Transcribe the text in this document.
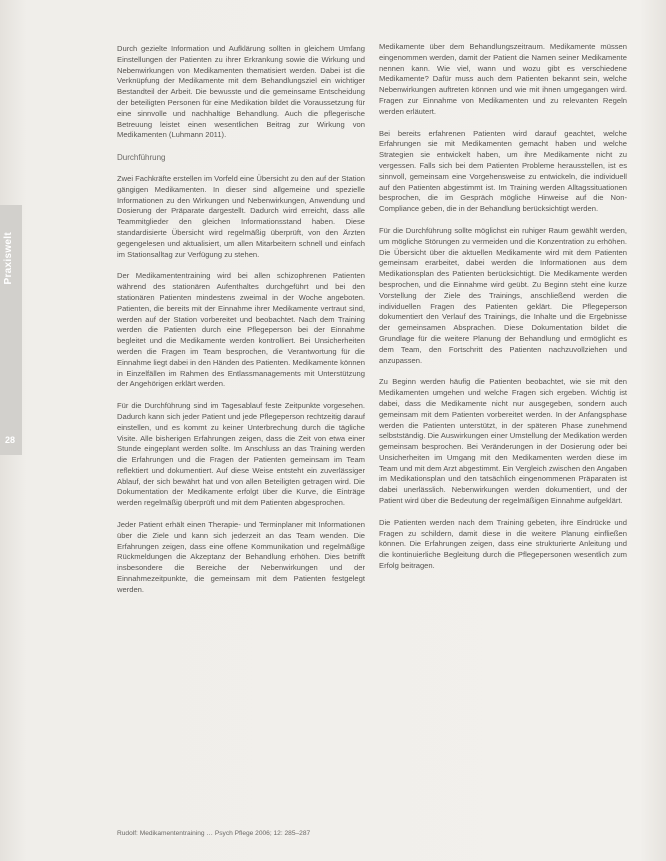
Praxiswelt
28

Durch gezielte Information und Aufklärung sollten in gleichem Umfang Einstellungen der Patienten zu ihrer Erkrankung sowie die Wirkung und Nebenwirkungen von Medikamenten thematisiert werden. Dabei ist die Verknüpfung der Medikamente mit dem Behandlungsziel ein wichtiger Bestandteil der Arbeit. Die bewusste und die gemeinsame Entscheidung der beteiligten Personen für eine Medikation bildet die Voraussetzung für eine sinnvolle und nachhaltige Behandlung. Auch die pflegerische Betreuung leistet einen wesentlichen Beitrag zur Wirkung von Medikamenten (Luhmann 2011).

Durchführung

Zwei Fachkräfte erstellen im Vorfeld eine Übersicht zu den auf der Station gängigen Medikamenten. In dieser sind allgemeine und spezielle Informationen zu den Wirkungen und Nebenwirkungen, Anwendung und Dosierung der Präparate dargestellt. Dadurch wird erreicht, dass alle Teammitglieder den gleichen Informationsstand haben. Diese standardisierte Übersicht wird regelmäßig überprüft, von den Ärzten gegengelesen und aktualisiert, um allen Mitarbeitern schnell und einfach im Stationsalltag zur Verfügung zu stehen.

Der Medikamententraining wird bei allen schizophrenen Patienten während des stationären Aufenthaltes durchgeführt und bei den stationären Patienten mindestens zweimal in der Woche angeboten. Patienten, die bereits mit der Einnahme ihrer Medikamente vertraut sind, werden auf der Station vorbereitet und beobachtet. Nach dem Training werden die Patienten durch eine Pflegeperson bei der Einnahme begleitet und die Medikamente werden kontrolliert. Bei Unsicherheiten werden die Fragen im Team besprochen, die Verantwortung für die Einnahme liegt dabei in den Händen des Patienten. Medikamente können in Einzelfällen im Rahmen des Entlassmanagements mit Unterstützung der Angehörigen erklärt werden.

Für die Durchführung sind im Tagesablauf feste Zeitpunkte vorgesehen. Dadurch kann sich jeder Patient und jede Pflegeperson rechtzeitig darauf einstellen, und es kommt zu keiner Unterbrechung durch die tägliche Visite. Alle bisherigen Erfahrungen zeigen, dass die Zeit von etwa einer Stunde eingeplant werden sollte. Im Anschluss an das Training werden die Erfahrungen und die Fragen der Patienten gemeinsam im Team reflektiert und dokumentiert. Auf diese Weise entsteht ein zuverlässiger Ablauf, der sich bewährt hat und von allen Beteiligten getragen wird. Die Dokumentation der Medikamente erfolgt über die Kurve, die Einträge werden regelmäßig überprüft und mit dem Patienten abgesprochen.

Jeder Patient erhält einen Therapie- und Terminplaner mit Informationen über die Ziele und kann sich jederzeit an das Team wenden. Die Erfahrungen zeigen, dass eine offene Kommunikation und regelmäßige Rückmeldungen die Akzeptanz der Behandlung erhöhen. Dies betrifft insbesondere die Bereiche der Nebenwirkungen und der Einnahmezeitpunkte, die gemeinsam mit dem Patienten festgelegt werden.

Medikamente über dem Behandlungszeitraum. Medikamente müssen eingenommen werden, damit der Patient die Namen seiner Medikamente nennen kann. Wie viel, wann und wozu gibt es verschiedene Medikamente? Dafür muss auch dem Patienten bekannt sein, welche Nebenwirkungen auftreten können und wie mit ihnen umgegangen wird. Fragen zur Einnahme von Medikamenten und zu relevanten Regeln werden erläutert.

Bei bereits erfahrenen Patienten wird darauf geachtet, welche Erfahrungen sie mit Medikamenten gemacht haben und welche Strategien sie entwickelt haben, um ihre Medikamente nicht zu vergessen. Falls sich bei dem Patienten Probleme herausstellen, ist es sinnvoll, gemeinsam eine Vorgehensweise zu entwickeln, die individuell auf den Patienten abgestimmt ist. Im Training werden Alltagssituationen besprochen, die im Gespräch mögliche Hinweise auf die Non-Compliance geben, die in der Behandlung berücksichtigt werden.

Für die Durchführung sollte möglichst ein ruhiger Raum gewählt werden, um mögliche Störungen zu vermeiden und die Konzentration zu erhöhen. Die Übersicht über die aktuellen Medikamente wird mit dem Patienten gemeinsam erarbeitet, dabei werden die Informationen aus dem Medikationsplan des Patienten berücksichtigt. Die Medikamente werden besprochen, und die Einnahme wird geübt. Zu Beginn steht eine kurze Vorstellung der Ziele des Trainings, anschließend werden die individuellen Fragen des Patienten geklärt. Die Pflegeperson dokumentiert den Verlauf des Trainings, die Inhalte und die Ergebnisse der gemeinsamen Absprachen. Diese Dokumentation bildet die Grundlage für die weitere Planung der Behandlung und ermöglicht es dem Team, den Fortschritt des Patienten nachzuvollziehen und anzupassen.

Zu Beginn werden häufig die Patienten beobachtet, wie sie mit den Medikamenten umgehen und welche Fragen sich ergeben. Wichtig ist dabei, dass die Medikamente nicht nur ausgegeben, sondern auch gemeinsam mit dem Patienten vorbereitet werden. In der Anfangsphase werden die Patienten unterstützt, in der späteren Phase zunehmend selbstständig. Die Auswirkungen einer Umstellung der Medikation werden gemeinsam besprochen. Bei Veränderungen in der Dosierung oder bei Unsicherheiten im Umgang mit den Medikamenten werden diese im Team und mit dem Arzt abgestimmt. Ein Vergleich zwischen den Angaben im Medikationsplan und den tatsächlich eingenommenen Präparaten ist dabei unerlässlich. Nebenwirkungen werden dokumentiert, und der Patient wird über die Bedeutung der regelmäßigen Einnahme aufgeklärt.

Die Patienten werden nach dem Training gebeten, ihre Eindrücke und Fragen zu schildern, damit diese in die weitere Planung einfließen können. Die Erfahrungen zeigen, dass eine strukturierte Anleitung und die kontinuierliche Begleitung durch die Pflegepersonen wesentlich zum Erfolg beitragen.

Rudolf: Medikamententraining … Psych Pflege 2006; 12: 285–287
